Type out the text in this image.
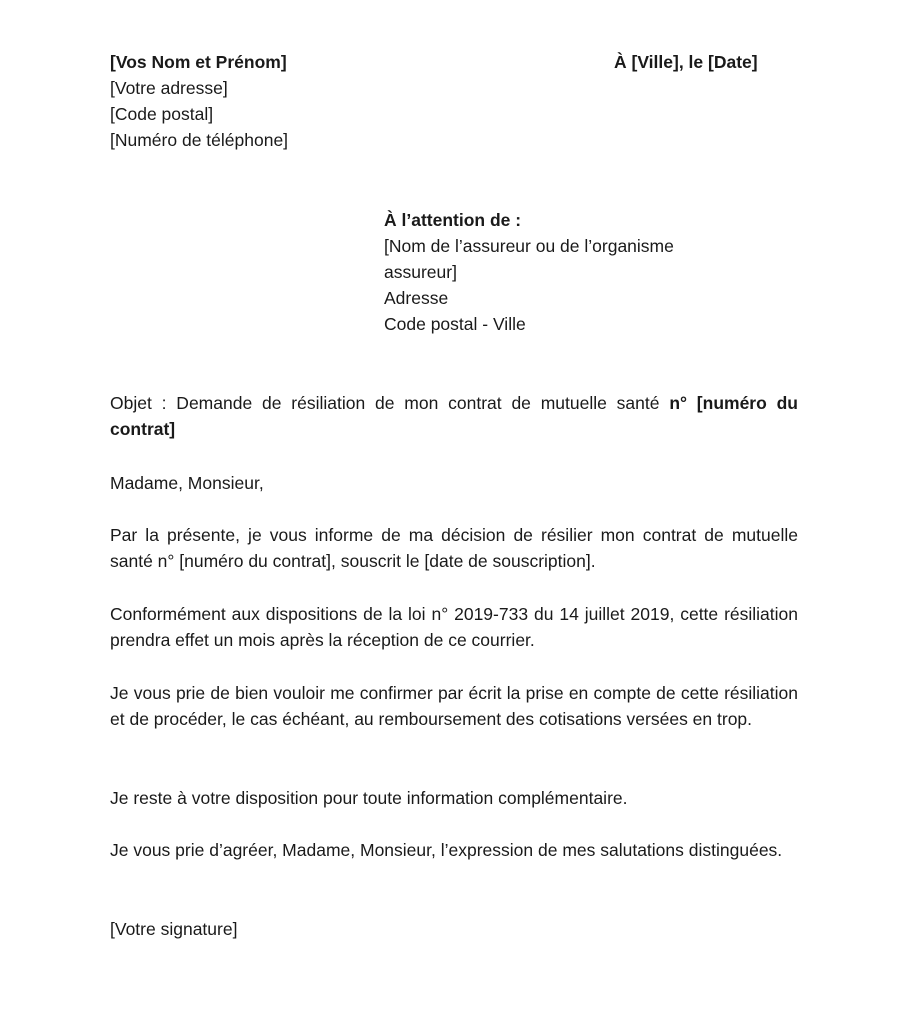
[Vos Nom et Prénom]
[Votre adresse]
[Code postal]
[Numéro de téléphone]
À [Ville], le [Date]
À l’attention de :
[Nom de l’assureur ou de l’organisme
assureur]
Adresse
Code postal - Ville
Objet : Demande de résiliation de mon contrat de mutuelle santé n° [numéro du contrat]
Madame, Monsieur,
Par la présente, je vous informe de ma décision de résilier mon contrat de mutuelle santé n° [numéro du contrat], souscrit le [date de souscription].
Conformément aux dispositions de la loi n° 2019-733 du 14 juillet 2019, cette résiliation prendra effet un mois après la réception de ce courrier.
Je vous prie de bien vouloir me confirmer par écrit la prise en compte de cette résiliation et de procéder, le cas échéant, au remboursement des cotisations versées en trop.
Je reste à votre disposition pour toute information complémentaire.
Je vous prie d’agréer, Madame, Monsieur, l’expression de mes salutations distinguées.
[Votre signature]
